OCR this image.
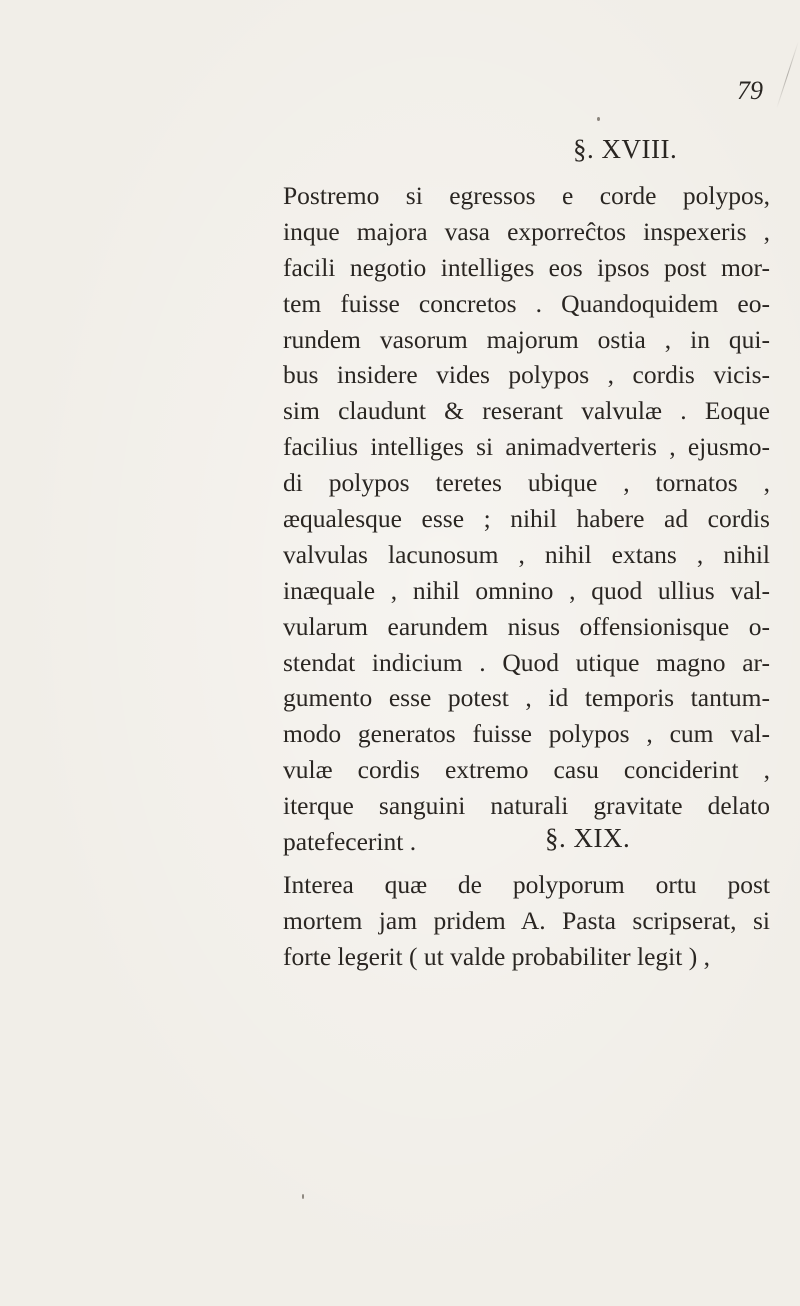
79
§. XVIII.
Postremo si egressos e corde polypos,
inque majora vasa exporreĉtos inspexeris ,
facili negotio intelliges eos ipsos post mor-
tem fuisse concretos . Quandoquidem eo-
rundem vasorum majorum ostia , in qui-
bus insidere vides polypos , cordis vicis-
sim claudunt & reserant valvulæ . Eoque
facilius intelliges si animadverteris , ejusmo-
di polypos teretes ubique , tornatos ,
æqualesque esse ; nihil habere ad cordis
valvulas lacunosum , nihil extans , nihil
inæquale , nihil omnino , quod ullius val-
vularum earundem nisus offensionisque o-
stendat indicium . Quod utique magno ar-
gumento esse potest , id temporis tantum-
modo generatos fuisse polypos , cum val-
vulæ cordis extremo casu conciderint ,
iterque sanguini naturali gravitate delato
patefecerint .	§. XIX.
Interea quæ de polyporum ortu post
mortem jam pridem A. Pasta scripserat, si
forte legerit ( ut valde probabiliter legit ) ,
